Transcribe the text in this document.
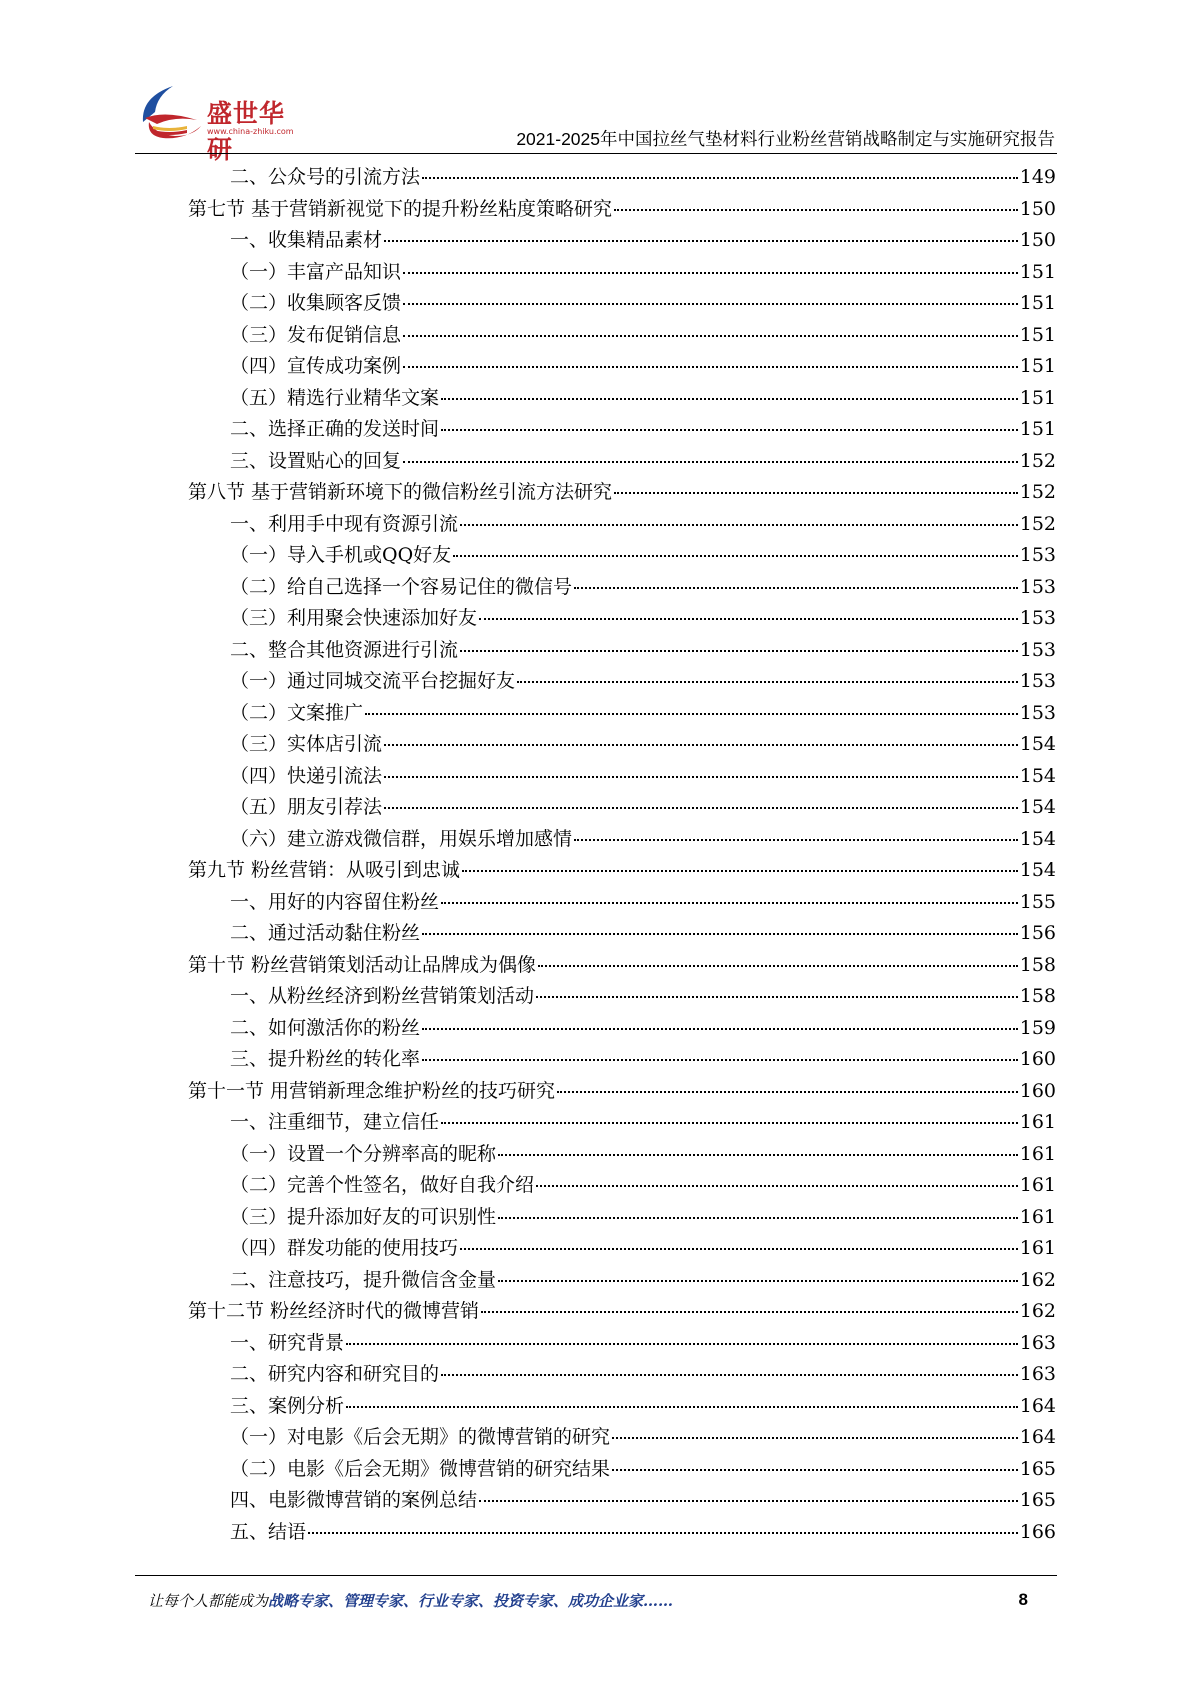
盛世华研
www.china-zhiku.com	2021-2025年中国拉丝气垫材料行业粉丝营销战略制定与实施研究报告
二、公众号的引流方法	149
第七节 基于营销新视觉下的提升粉丝粘度策略研究	150
一、收集精品素材	150
（一）丰富产品知识	151
（二）收集顾客反馈	151
（三）发布促销信息	151
（四）宣传成功案例	151
（五）精选行业精华文案	151
二、选择正确的发送时间	151
三、设置贴心的回复	152
第八节 基于营销新环境下的微信粉丝引流方法研究	152
一、利用手中现有资源引流	152
（一）导入手机或QQ好友	153
（二）给自己选择一个容易记住的微信号	153
（三）利用聚会快速添加好友	153
二、整合其他资源进行引流	153
（一）通过同城交流平台挖掘好友	153
（二）文案推广	153
（三）实体店引流	154
（四）快递引流法	154
（五）朋友引荐法	154
（六）建立游戏微信群，用娱乐增加感情	154
第九节 粉丝营销：从吸引到忠诚	154
一、用好的内容留住粉丝	155
二、通过活动黏住粉丝	156
第十节 粉丝营销策划活动让品牌成为偶像	158
一、从粉丝经济到粉丝营销策划活动	158
二、如何激活你的粉丝	159
三、提升粉丝的转化率	160
第十一节 用营销新理念维护粉丝的技巧研究	160
一、注重细节，建立信任	161
（一）设置一个分辨率高的昵称	161
（二）完善个性签名，做好自我介绍	161
（三）提升添加好友的可识别性	161
（四）群发功能的使用技巧	161
二、注意技巧，提升微信含金量	162
第十二节 粉丝经济时代的微博营销	162
一、研究背景	163
二、研究内容和研究目的	163
三、案例分析	164
（一）对电影《后会无期》的微博营销的研究	164
（二）电影《后会无期》微博营销的研究结果	165
四、电影微博营销的案例总结	165
五、结语	166
让每个人都能成为战略专家、管理专家、行业专家、投资专家、成功企业家……	8
